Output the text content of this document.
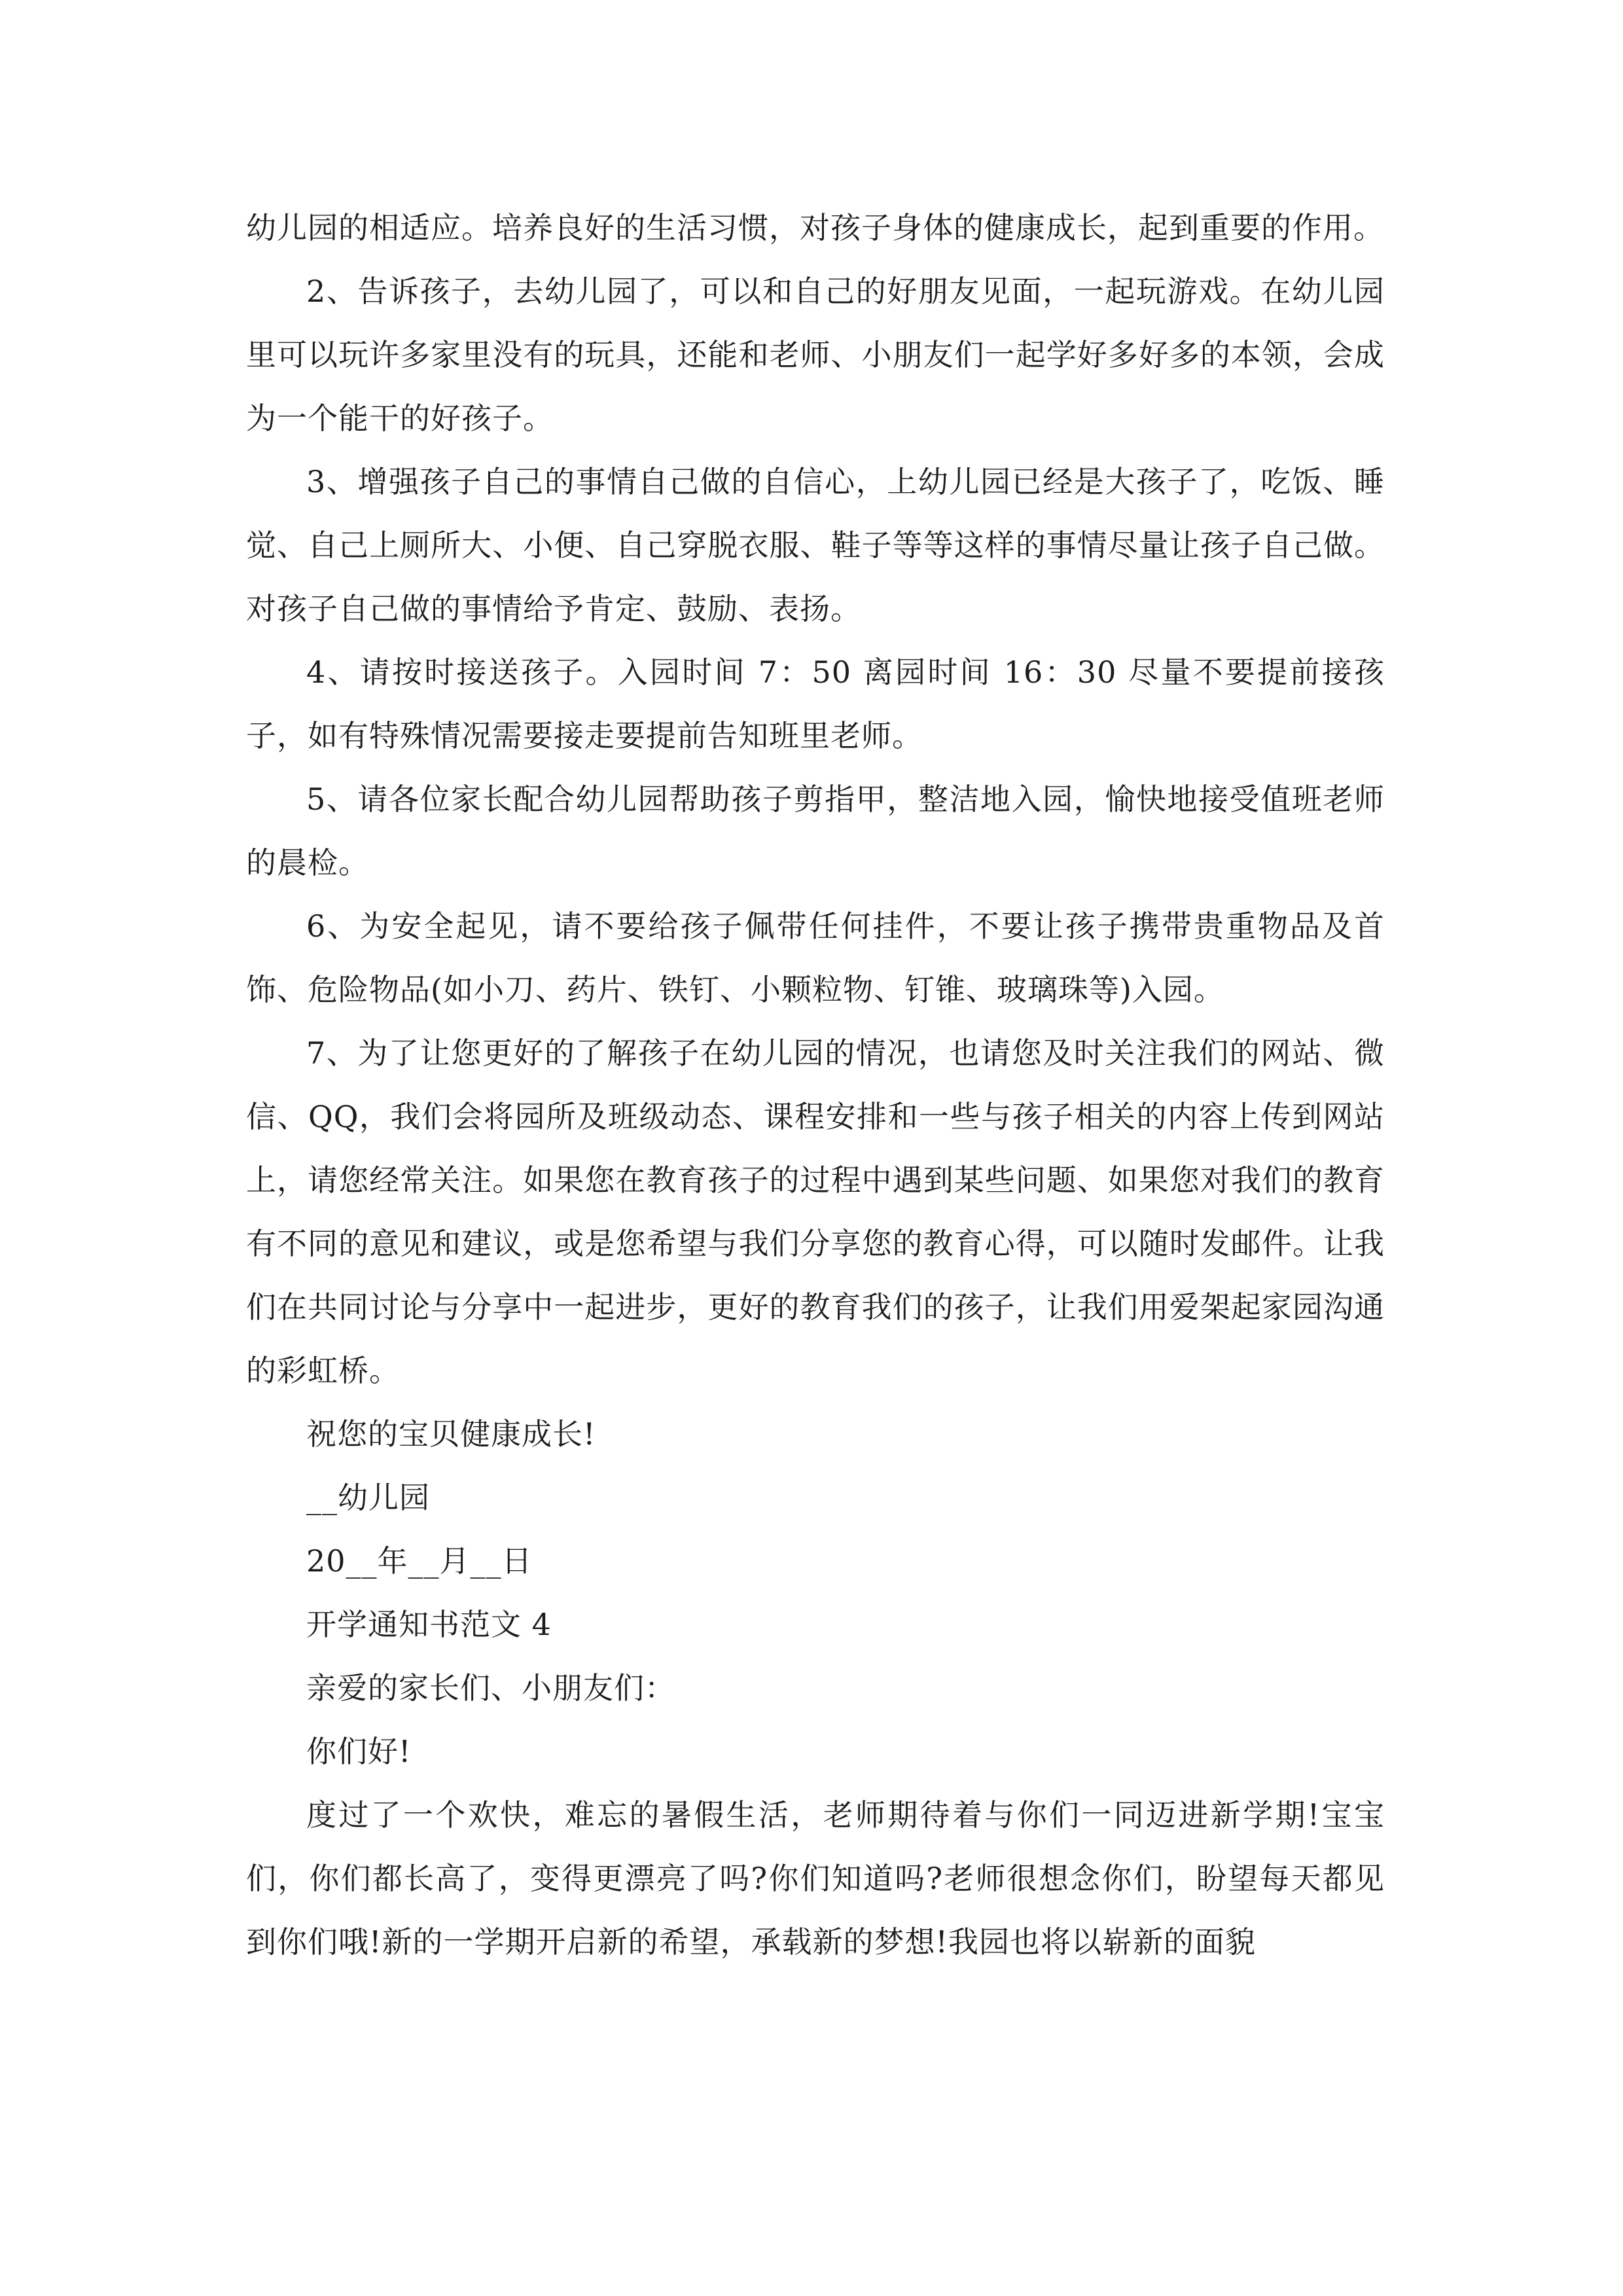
幼儿园的相适应。培养良好的生活习惯，对孩子身体的健康成长，起到重要的作用。

2、告诉孩子，去幼儿园了，可以和自己的好朋友见面，一起玩游戏。在幼儿园里可以玩许多家里没有的玩具，还能和老师、小朋友们一起学好多好多的本领，会成为一个能干的好孩子。

3、增强孩子自己的事情自己做的自信心，上幼儿园已经是大孩子了，吃饭、睡觉、自己上厕所大、小便、自己穿脱衣服、鞋子等等这样的事情尽量让孩子自己做。对孩子自己做的事情给予肯定、鼓励、表扬。

4、请按时接送孩子。入园时间 7：50 离园时间 16：30 尽量不要提前接孩子，如有特殊情况需要接走要提前告知班里老师。

5、请各位家长配合幼儿园帮助孩子剪指甲，整洁地入园，愉快地接受值班老师的晨检。

6、为安全起见，请不要给孩子佩带任何挂件，不要让孩子携带贵重物品及首饰、危险物品(如小刀、药片、铁钉、小颗粒物、钉锥、玻璃珠等)入园。

7、为了让您更好的了解孩子在幼儿园的情况，也请您及时关注我们的网站、微信、QQ，我们会将园所及班级动态、课程安排和一些与孩子相关的内容上传到网站上，请您经常关注。如果您在教育孩子的过程中遇到某些问题、如果您对我们的教育有不同的意见和建议，或是您希望与我们分享您的教育心得，可以随时发邮件。让我们在共同讨论与分享中一起进步，更好的教育我们的孩子，让我们用爱架起家园沟通的彩虹桥。

祝您的宝贝健康成长!

__幼儿园

20__年__月__日

开学通知书范文 4

亲爱的家长们、小朋友们：

你们好!

度过了一个欢快，难忘的暑假生活，老师期待着与你们一同迈进新学期!宝宝们，你们都长高了，变得更漂亮了吗?你们知道吗?老师很想念你们，盼望每天都见到你们哦!新的一学期开启新的希望，承载新的梦想!我园也将以崭新的面貌
